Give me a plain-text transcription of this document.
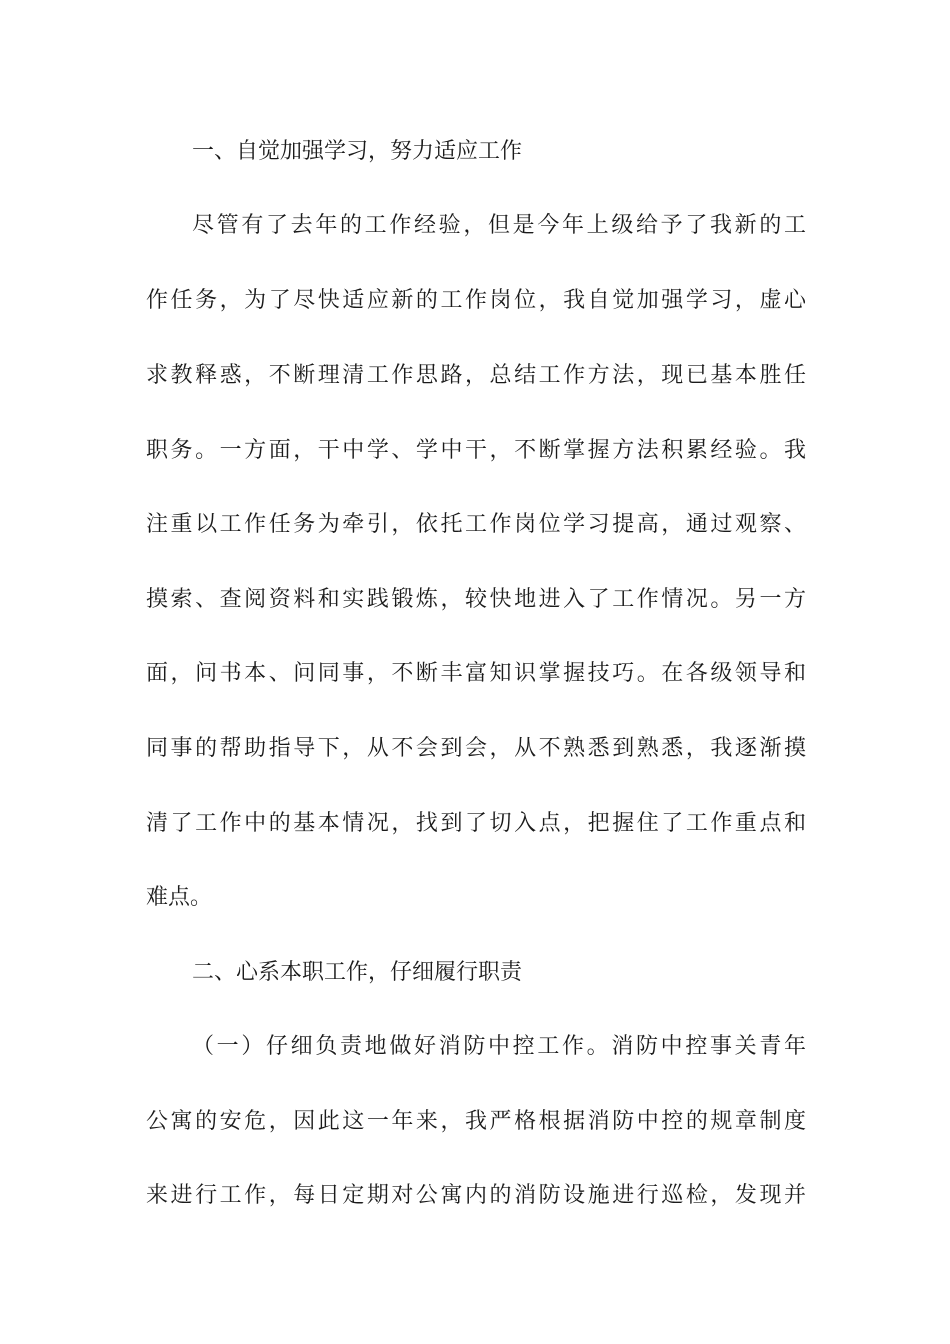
一、自觉加强学习，努力适应工作
尽管有了去年的工作经验，但是今年上级给予了我新的工
作任务，为了尽快适应新的工作岗位，我自觉加强学习，虚心
求教释惑，不断理清工作思路，总结工作方法，现已基本胜任
职务。一方面，干中学、学中干，不断掌握方法积累经验。我
注重以工作任务为牵引，依托工作岗位学习提高，通过观察、
摸索、查阅资料和实践锻炼，较快地进入了工作情况。另一方
面，问书本、问同事，不断丰富知识掌握技巧。在各级领导和
同事的帮助指导下，从不会到会，从不熟悉到熟悉，我逐渐摸
清了工作中的基本情况，找到了切入点，把握住了工作重点和
难点。
二、心系本职工作，仔细履行职责
（一）仔细负责地做好消防中控工作。消防中控事关青年
公寓的安危，因此这一年来，我严格根据消防中控的规章制度
来进行工作，每日定期对公寓内的消防设施进行巡检，发现并
